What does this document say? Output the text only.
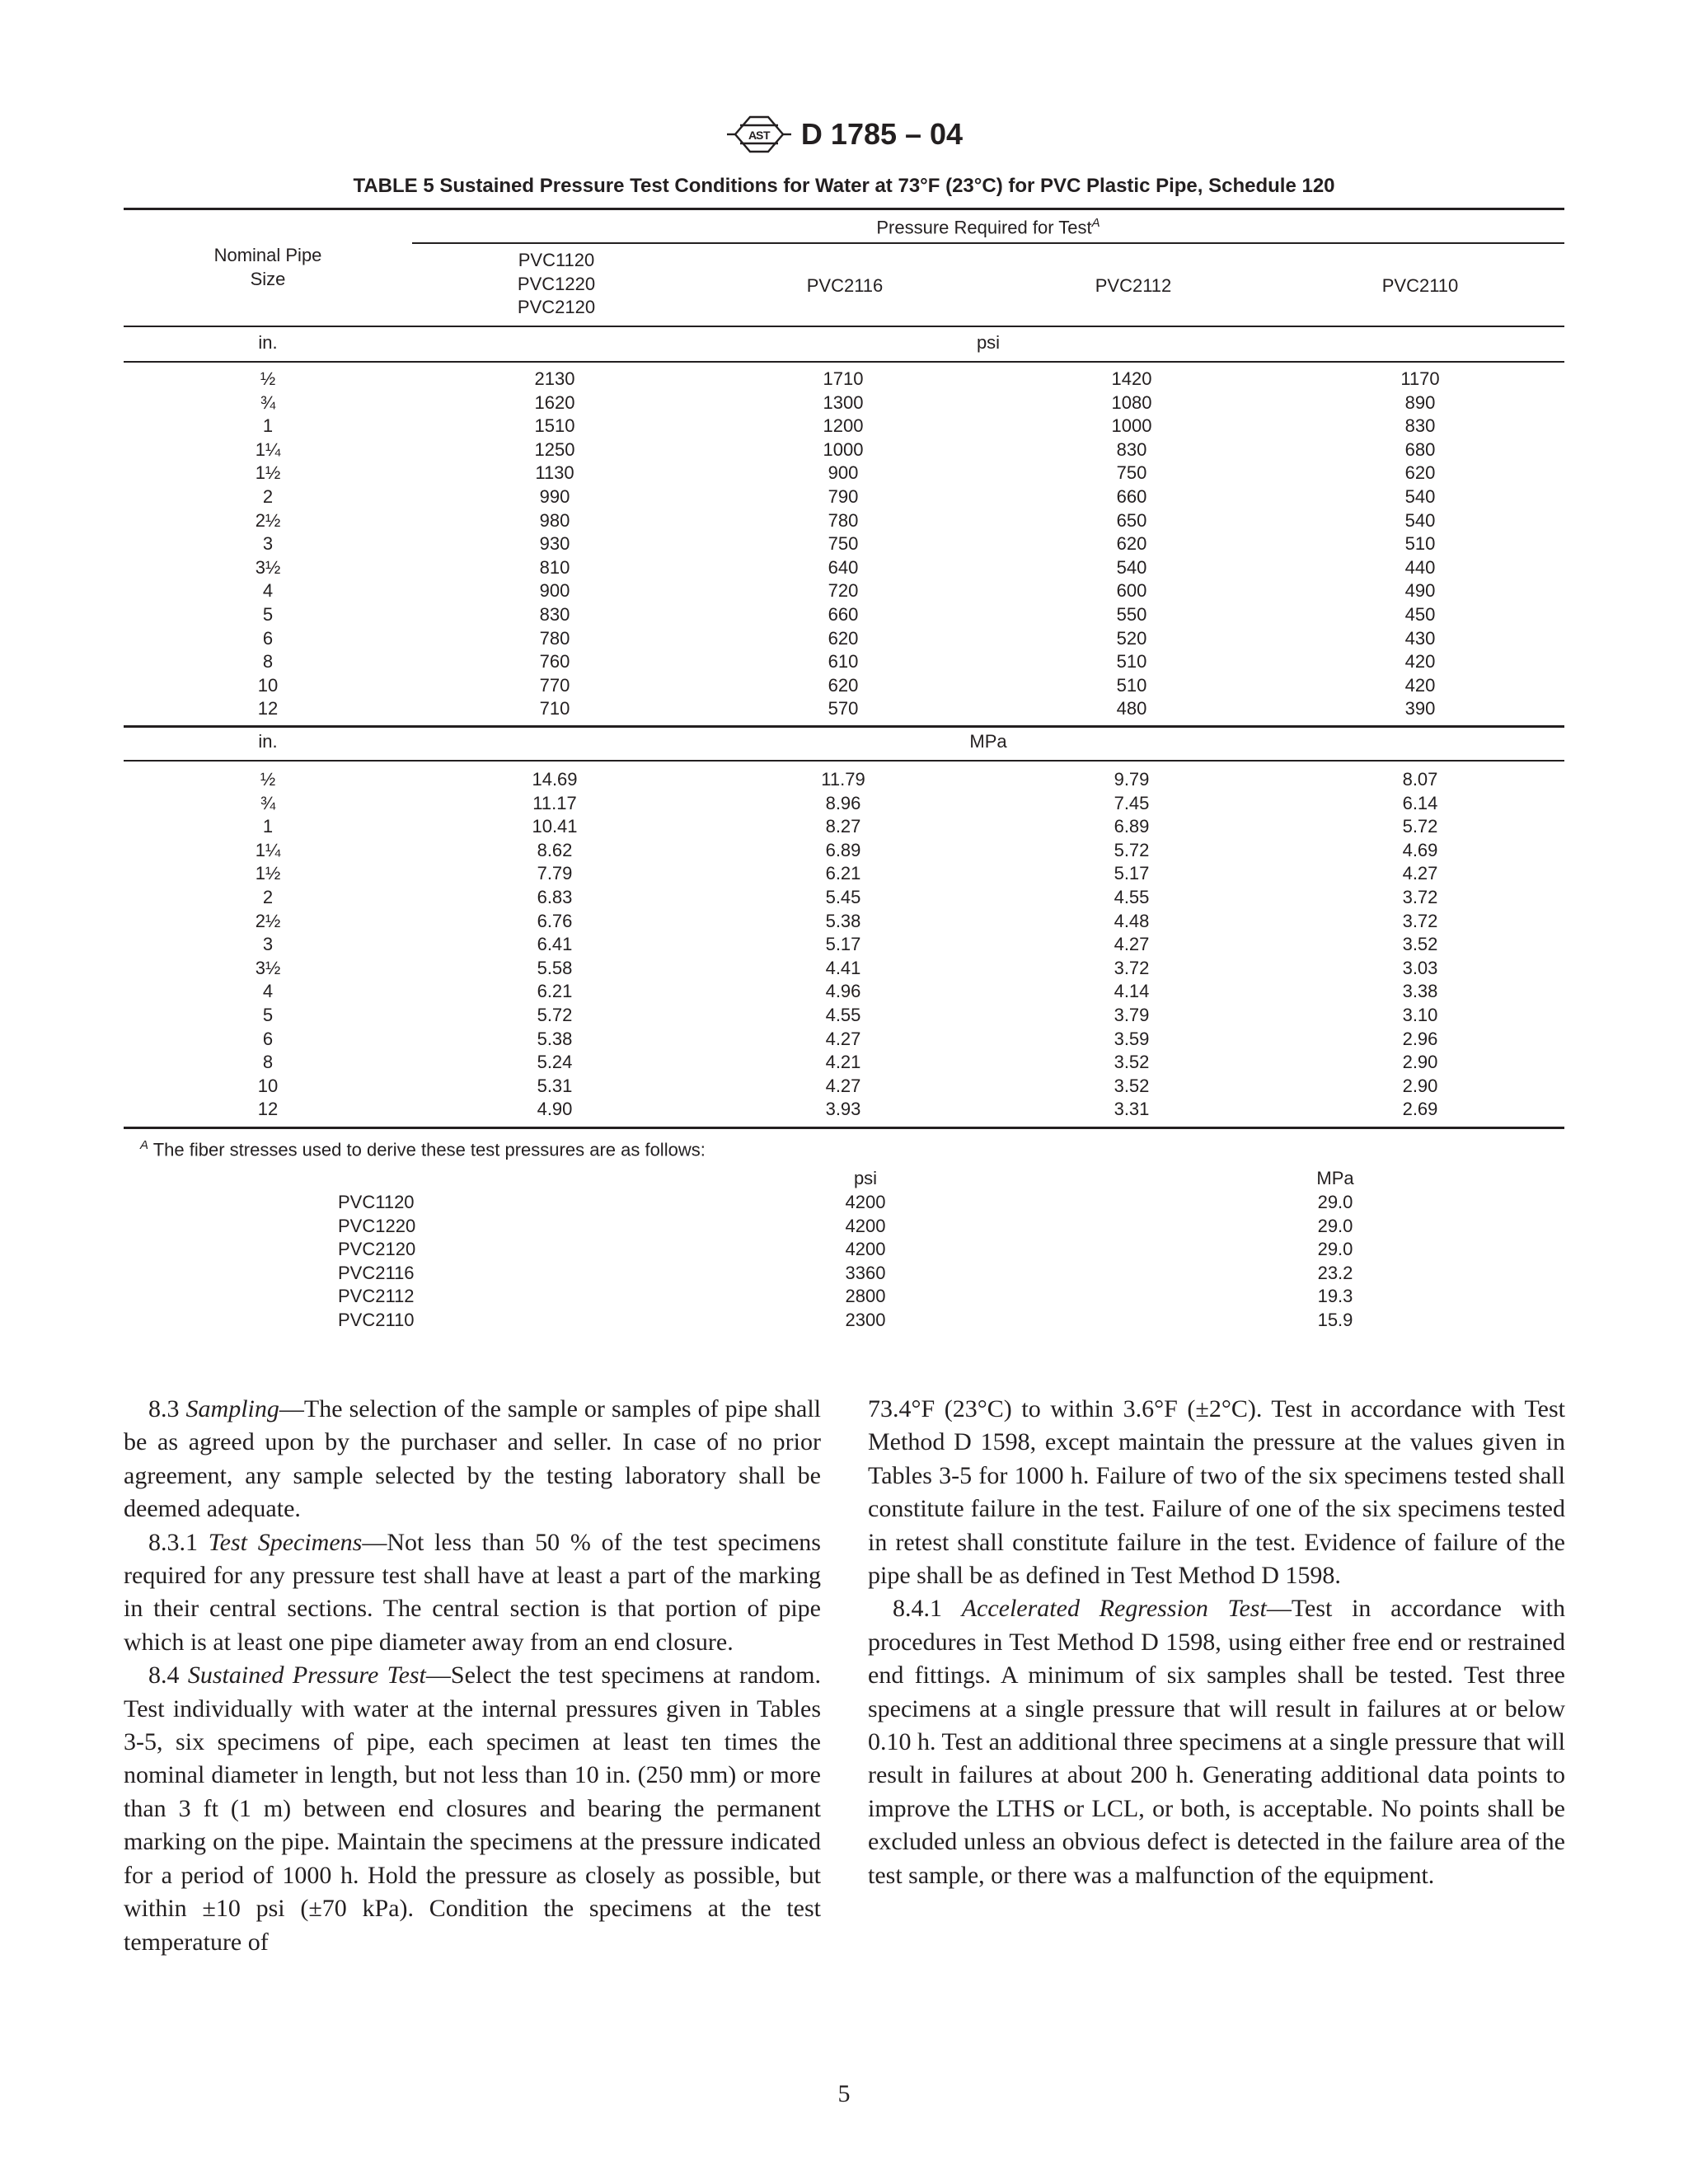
A
S T D 1785 – 04
TABLE 5 Sustained Pressure Test Conditions for Water at 73°F (23°C) for PVC Plastic Pipe, Schedule 120
Pressure Required for Test$^A$
Nominal Pipe
Size
PVC1120
PVC1220
PVC2120
PVC2116	PVC2112	PVC2110
in.	psi
½	2130	1710	1420	1170
¾	1620	1300	1080	890
1	1510	1200	1000	830
1¼	1250	1000	830	680
1½	1130	900	750	620
2	990	790	660	540
2½	980	780	650	540
3	930	750	620	510
3½	810	640	540	440
4	900	720	600	490
5	830	660	550	450
6	780	620	520	430
8	760	610	510	420
10	770	620	510	420
12	710	570	480	390
in.	MPa
½	14.69	11.79	9.79	8.07
¾	11.17	8.96	7.45	6.14
1	10.41	8.27	6.89	5.72
1¼	8.62	6.89	5.72	4.69
1½	7.79	6.21	5.17	4.27
2	6.83	5.45	4.55	3.72
2½	6.76	5.38	4.48	3.72
3	6.41	5.17	4.27	3.52
3½	5.58	4.41	3.72	3.03
4	6.21	4.96	4.14	3.38
5	5.72	4.55	3.79	3.10
6	5.38	4.27	3.59	2.96
8	5.24	4.21	3.52	2.90
10	5.31	4.27	3.52	2.90
12	4.90	3.93	3.31	2.69
$^A$ The fiber stresses used to derive these test pressures are as follows:
psi	MPa
PVC1120	4200	29.0
PVC1220	4200	29.0
PVC2120	4200	29.0
PVC2116	3360	23.2
PVC2112	2800	19.3
PVC2110	2300	15.9

8.3 Sampling—The selection of the sample or samples of pipe shall be as agreed upon by the purchaser and seller. In case of no prior agreement, any sample selected by the testing laboratory shall be deemed adequate.

8.3.1 Test Specimens—Not less than 50 % of the test specimens required for any pressure test shall have at least a part of the marking in their central sections. The central section is that portion of pipe which is at least one pipe diameter away from an end closure.

8.4 Sustained Pressure Test—Select the test specimens at random. Test individually with water at the internal pressures given in Tables 3-5, six specimens of pipe, each specimen at least ten times the nominal diameter in length, but not less than 10 in. (250 mm) or more than 3 ft (1 m) between end closures and bearing the permanent marking on the pipe. Maintain the specimens at the pressure indicated for a period of 1000 h. Hold the pressure as closely as possible, but within ±10 psi (±70 kPa). Condition the specimens at the test temperature of

73.4°F (23°C) to within 3.6°F (±2°C). Test in accordance with Test Method D 1598, except maintain the pressure at the values given in Tables 3-5 for 1000 h. Failure of two of the six specimens tested shall constitute failure in the test. Failure of one of the six specimens tested in retest shall constitute failure in the test. Evidence of failure of the pipe shall be as defined in Test Method D 1598.

8.4.1 Accelerated Regression Test—Test in accordance with procedures in Test Method D 1598, using either free end or restrained end fittings. A minimum of six samples shall be tested. Test three specimens at a single pressure that will result in failures at or below 0.10 h. Test an additional three specimens at a single pressure that will result in failures at about 200 h. Generating additional data points to improve the LTHS or LCL, or both, is acceptable. No points shall be excluded unless an obvious defect is detected in the failure area of the test sample, or there was a malfunction of the equipment.

5
